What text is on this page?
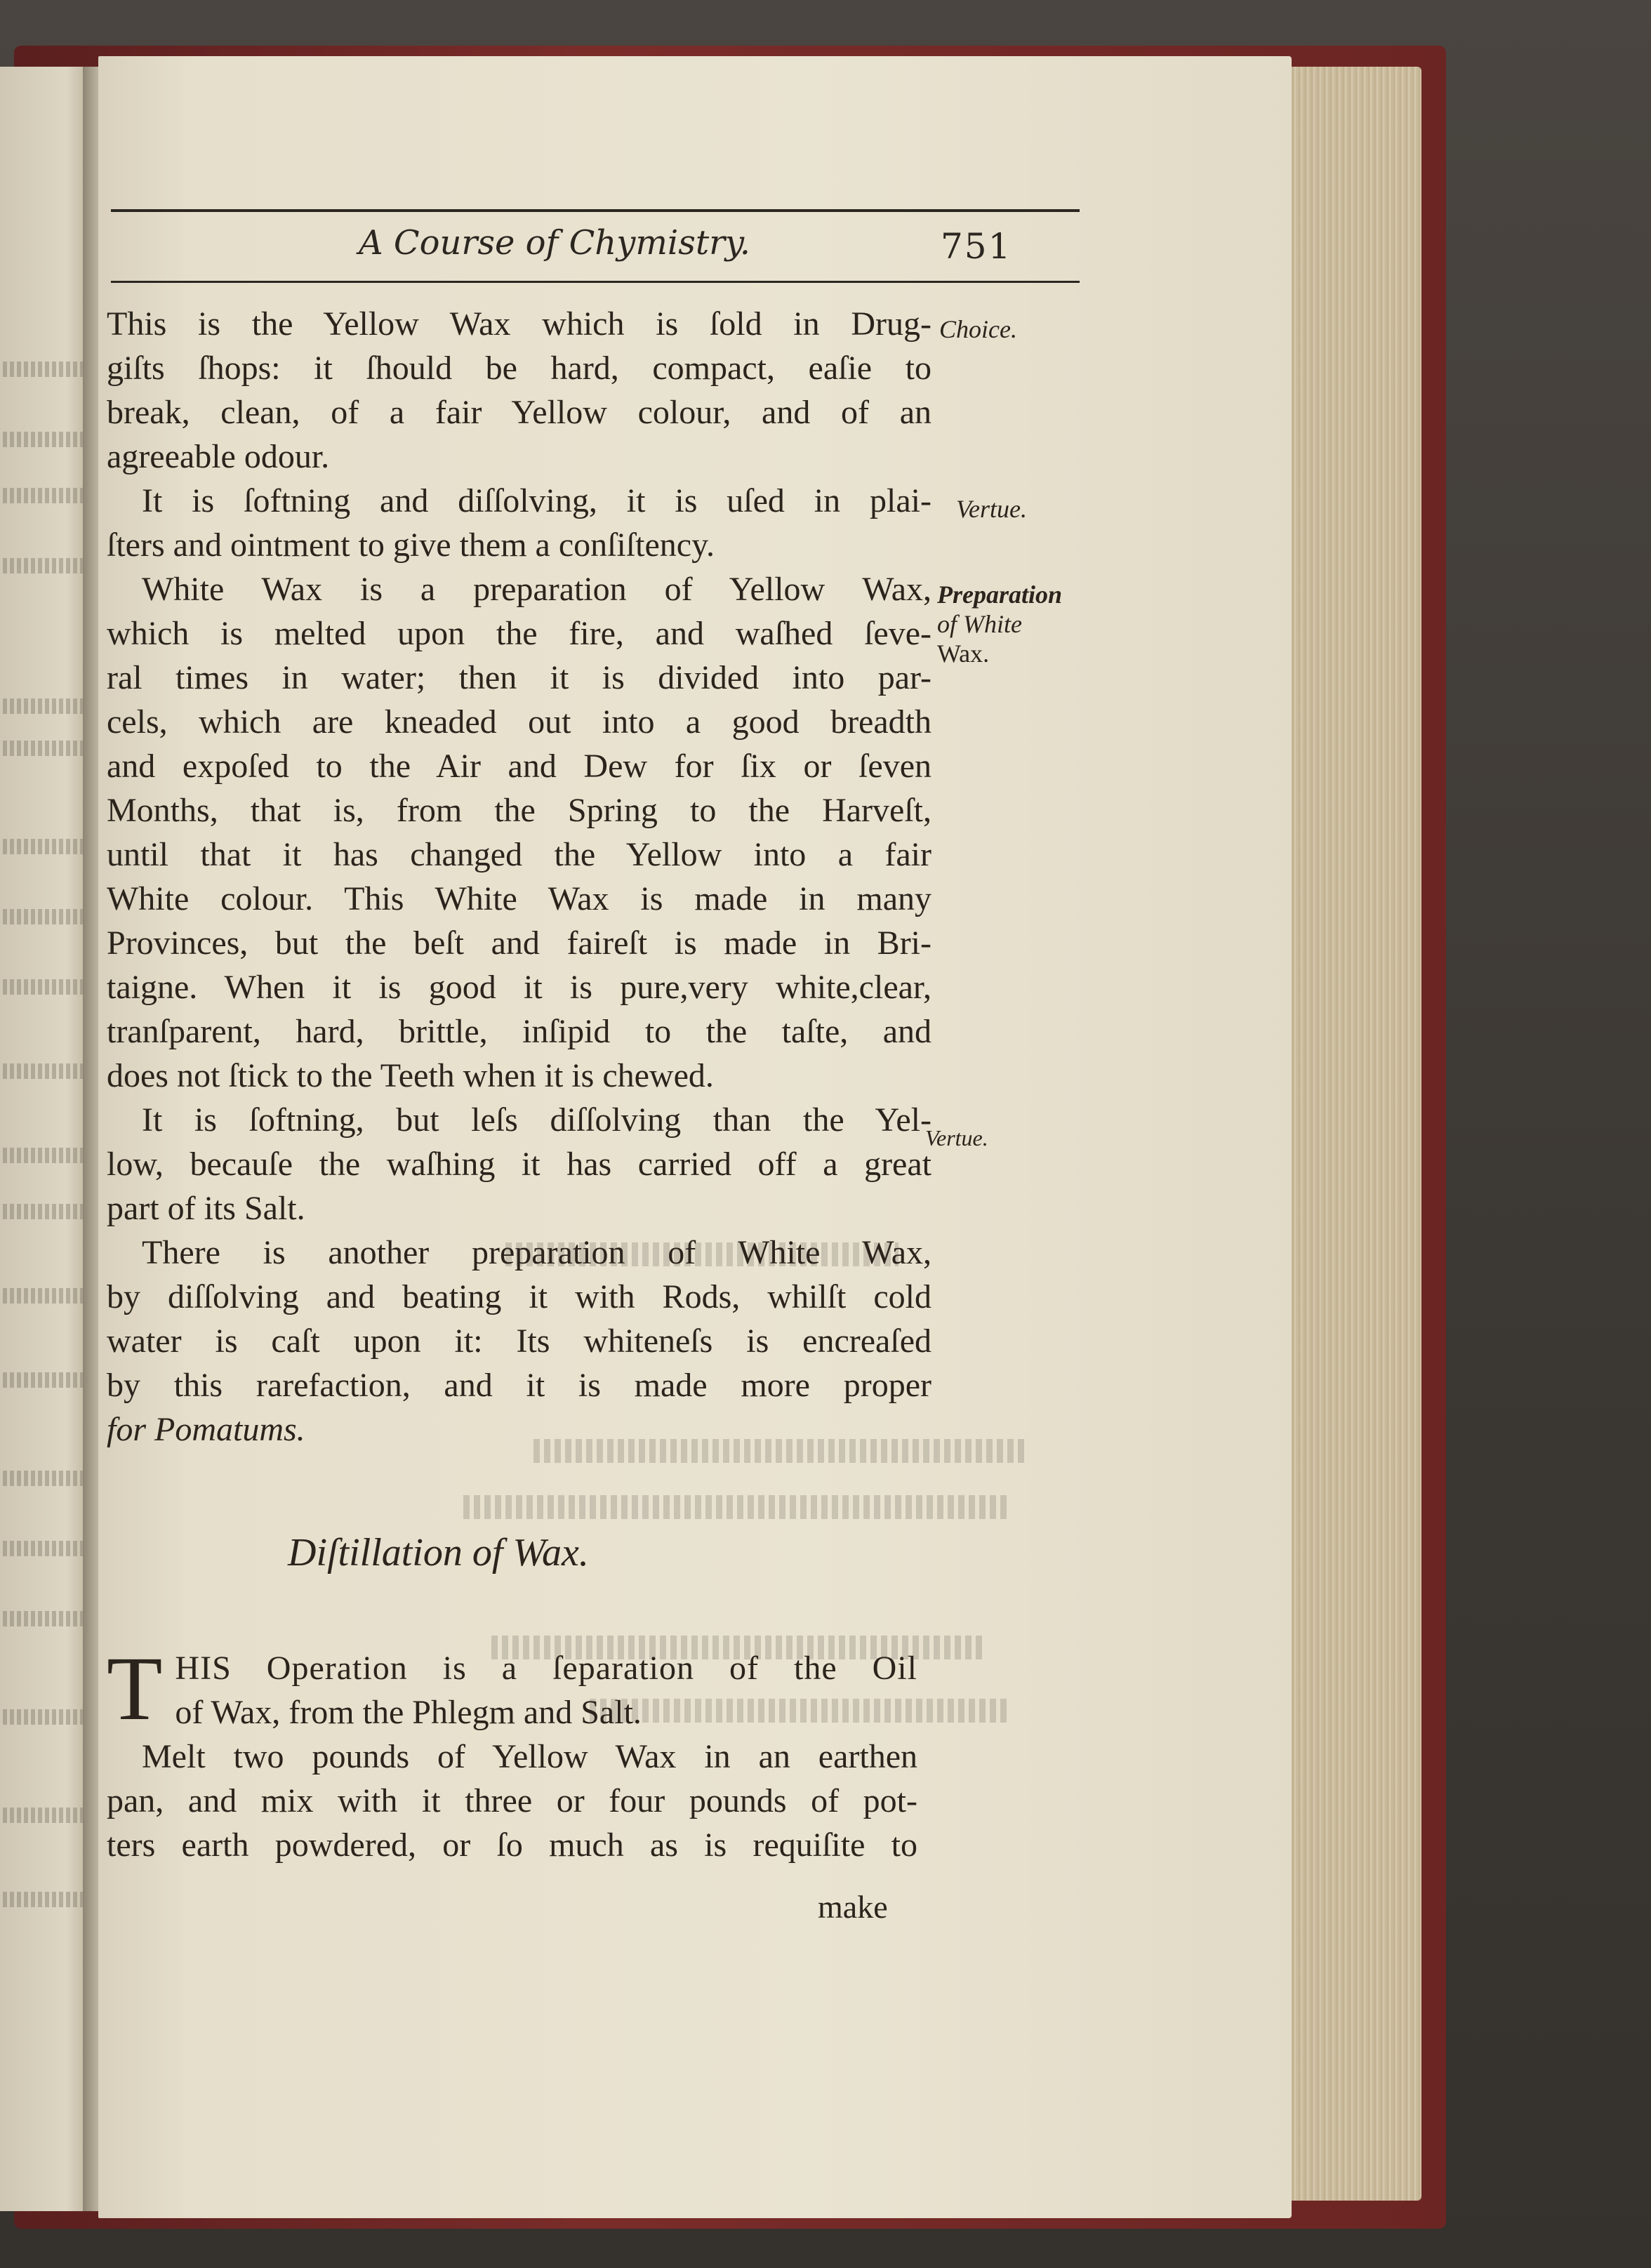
A Course of Chymistry.	751
This is the Yellow Wax which is ſold in Drug-
giſts ſhops: it ſhould be hard, compact, eaſie to
break, clean, of a fair Yellow colour, and of an
agreeable odour.
It is ſoftning and diſſolving, it is uſed in plai-
ſters and ointment to give them a conſiſtency.
White Wax is a preparation of Yellow Wax,
which is melted upon the fire, and waſhed ſeve-
ral times in water; then it is divided into par-
cels, which are kneaded out into a good breadth
and expoſed to the Air and Dew for ſix or ſeven
Months, that is, from the Spring to the Harveſt,
until that it has changed the Yellow into a fair
White colour. This White Wax is made in many
Provinces, but the beſt and faireſt is made in Bri-
taigne. When it is good it is pure,very white,clear,
tranſparent, hard, brittle, inſipid to the taſte, and
does not ſtick to the Teeth when it is chewed.
It is ſoftning, but leſs diſſolving than the Yel-
low, becauſe the waſhing it has carried off a great
part of its Salt.
There is another preparation of White Wax,
by diſſolving and beating it with Rods, whilſt cold
water is caſt upon it: Its whiteneſs is encreaſed
by this rarefaction, and it is made more proper
for Pomatums.
Diſtillation of Wax.
T HIS Operation is a ſeparation of the Oil
of Wax, from the Phlegm and Salt.
Melt two pounds of Yellow Wax in an earthen
pan, and mix with it three or four pounds of pot-
ters earth powdered, or ſo much as is requiſite to
make
Choice.
Vertue.
Preparation
of White
Wax.
Vertue.
